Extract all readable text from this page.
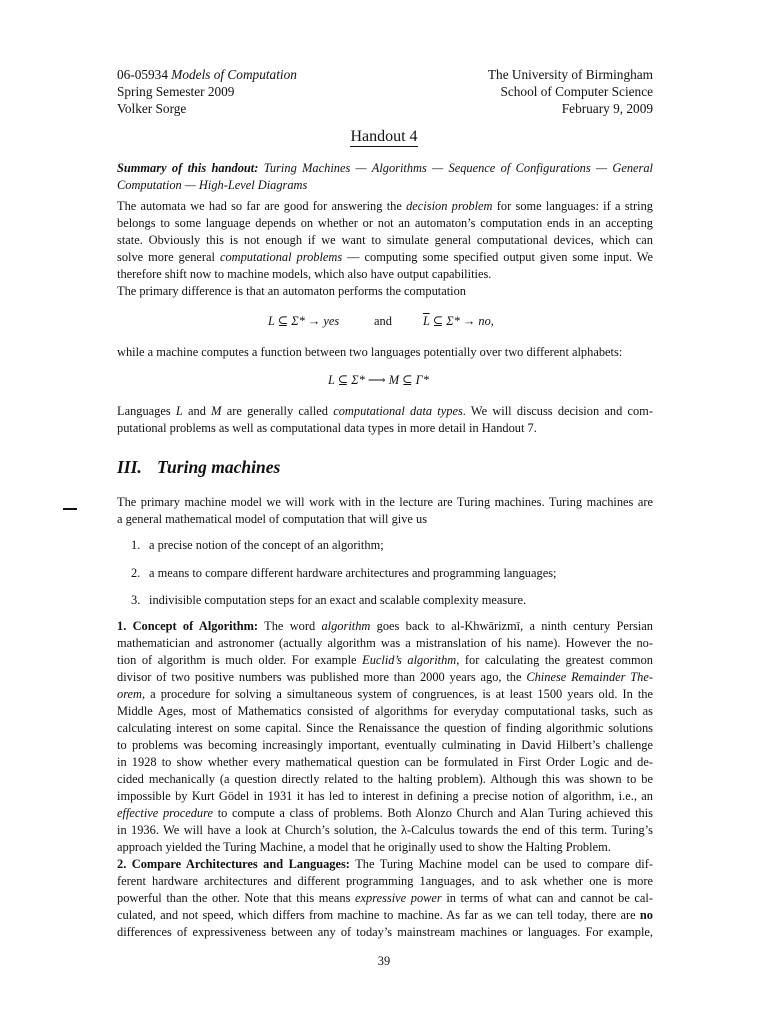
06-05934 Models of Computation
Spring Semester 2009
Volker Sorge
The University of Birmingham
School of Computer Science
February 9, 2009
Handout 4
Summary of this handout: Turing Machines — Algorithms — Sequence of Configurations — General
Computation — High-Level Diagrams
The automata we had so far are good for answering the decision problem for some languages: if a string
belongs to some language depends on whether or not an automaton’s computation ends in an accepting
state. Obviously this is not enough if we want to simulate general computational devices, which can
solve more general computational problems — computing some specified output given some input. We
therefore shift now to machine models, which also have output capabilities.
The primary difference is that an automaton performs the computation
L ⊆ Σ* → yes	and	$\overline{L}$ ⊆ Σ* → no,
while a machine computes a function between two languages potentially over two different alphabets:
L ⊆ Σ* ⟶ M ⊆ Γ*
Languages L and M are generally called computational data types. We will discuss decision and com-
putational problems as well as computational data types in more detail in Handout 7.
III. Turing machines
The primary machine model we will work with in the lecture are Turing machines. Turing machines are
a general mathematical model of computation that will give us
1. a precise notion of the concept of an algorithm;
2. a means to compare different hardware architectures and programming languages;
3. indivisible computation steps for an exact and scalable complexity measure.
1. Concept of Algorithm: The word algorithm goes back to al-Khwārizmī, a ninth century Persian
mathematician and astronomer (actually algorithm was a mistranslation of his name). However the no-
tion of algorithm is much older. For example Euclid’s algorithm, for calculating the greatest common
divisor of two positive numbers was published more than 2000 years ago, the Chinese Remainder The-
orem, a procedure for solving a simultaneous system of congruences, is at least 1500 years old. In the
Middle Ages, most of Mathematics consisted of algorithms for everyday computational tasks, such as
calculating interest on some capital. Since the Renaissance the question of finding algorithmic solutions
to problems was becoming increasingly important, eventually culminating in David Hilbert’s challenge
in 1928 to show whether every mathematical question can be formulated in First Order Logic and de-
cided mechanically (a question directly related to the halting problem). Although this was shown to be
impossible by Kurt Gödel in 1931 it has led to interest in defining a precise notion of algorithm, i.e., an
effective procedure to compute a class of problems. Both Alonzo Church and Alan Turing achieved this
in 1936. We will have a look at Church’s solution, the λ-Calculus towards the end of this term. Turing’s
approach yielded the Turing Machine, a model that he originally used to show the Halting Problem.
2. Compare Architectures and Languages: The Turing Machine model can be used to compare dif-
ferent hardware architectures and different programming 1anguages, and to ask whether one is more
powerful than the other. Note that this means expressive power in terms of what can and cannot be cal-
culated, and not speed, which differs from machine to machine. As far as we can tell today, there are no
differences of expressiveness between any of today’s mainstream machines or languages. For example,
39
